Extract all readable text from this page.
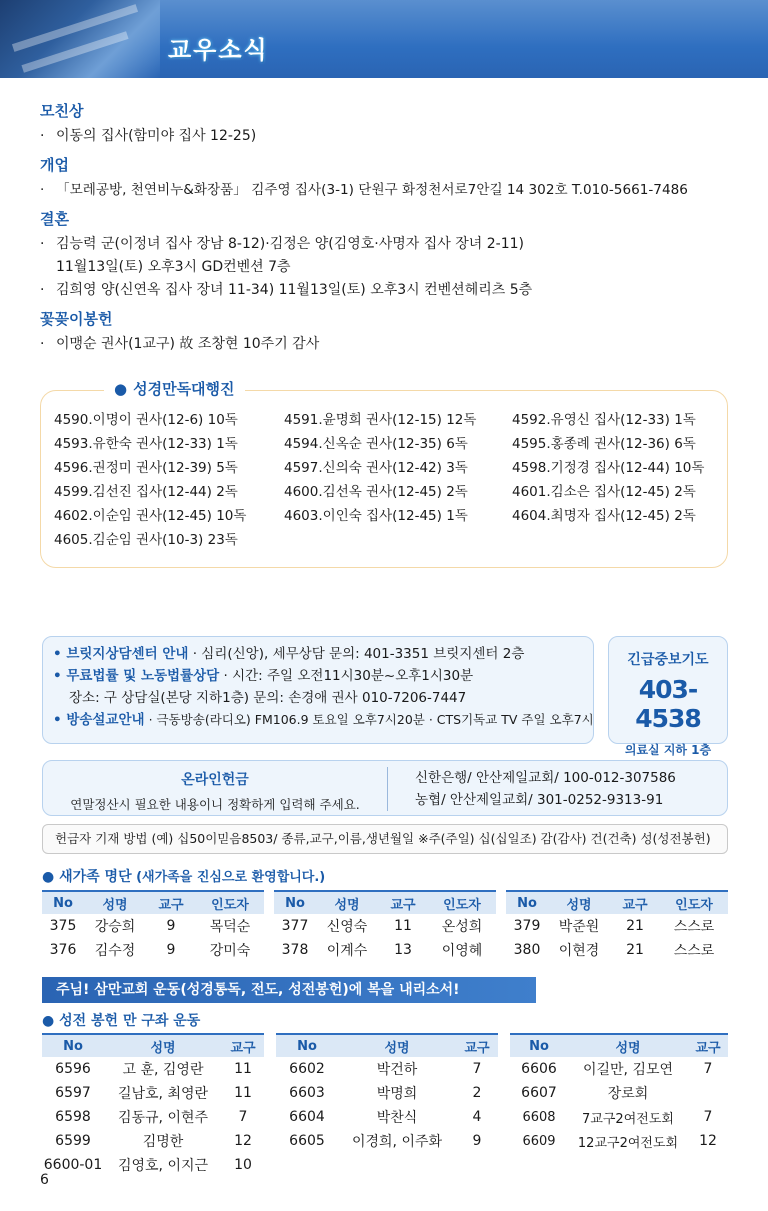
교우소식
모친상
· 이동의 집사(함미야 집사 12-25)
개업
· 「모레공방, 천연비누&화장품」 김주영 집사(3-1) 단원구 화정천서로7안길 14 302호 T.010-5661-7486
결혼
· 김능력 군(이정녀 집사 장남 8-12)·김정은 양(김영호·사명자 집사 장녀 2-11)
11월13일(토) 오후3시 GD컨벤션 7층
· 김희영 양(신연옥 집사 장녀 11-34) 11월13일(토) 오후3시 컨벤션헤리츠 5층
꽃꽂이봉헌
· 이맹순 권사(1교구) 故 조창현 10주기 감사
● 성경만독대행진
4590.이명이 권사(12-6) 10독	4591.윤명희 권사(12-15) 12독	4592.유영신 집사(12-33) 1독
4593.유한숙 권사(12-33) 1독	4594.신옥순 권사(12-35) 6독	4595.홍종례 권사(12-36) 6독
4596.권정미 권사(12-39) 5독	4597.신의숙 권사(12-42) 3독	4598.기정경 집사(12-44) 10독
4599.김선진 집사(12-44) 2독	4600.김선옥 권사(12-45) 2독	4601.김소은 집사(12-45) 2독
4602.이순임 권사(12-45) 10독	4603.이인숙 집사(12-45) 1독	4604.최명자 집사(12-45) 2독
4605.김순임 권사(10-3) 23독
• 브릿지상담센터 안내 · 심리(신앙), 세무상담 문의: 401-3351 브릿지센터 2층
• 무료법률 및 노동법률상담 · 시간: 주일 오전11시30분~오후1시30분
장소: 구 상담실(본당 지하1층) 문의: 손경애 권사 010-7206-7447
• 방송설교안내 · 극동방송(라디오) FM106.9 토요일 오후7시20분 · CTS기독교 TV 주일 오후7시
긴급중보기도
403-4538
의료실 지하 1층
온라인헌금
연말정산시 필요한 내용이니 정확하게 입력해 주세요.
신한은행/ 안산제일교회/ 100-012-307586
농협/ 안산제일교회/ 301-0252-9313-91
헌금자 기재 방법 (예) 십50이믿음8503/ 종류,교구,이름,생년월일 ※주(주일) 십(십일조) 감(감사) 건(건축) 성(성전봉헌)
● 새가족 명단 (새가족을 진심으로 환영합니다.)
No	성명	교구	인도자
375	강승희	9	목덕순
376	김수정	9	강미숙
No	성명	교구	인도자
377	신영숙	11	온성희
378	이계수	13	이영혜
No	성명	교구	인도자
379	박준원	21	스스로
380	이현경	21	스스로
주님! 삼만교회 운동(성경통독, 전도, 성전봉헌)에 복을 내리소서!
● 성전 봉헌 만 구좌 운동
No	성명	교구
6596	고 훈, 김영란	11
6597	길남호, 최영란	11
6598	김동규, 이현주	7
6599	김명한	12
6600-01	김영호, 이지근	10
No	성명	교구
6602	박건하	7
6603	박명희	2
6604	박찬식	4
6605	이경희, 이주화	9
No	성명	교구
6606	이길만, 김모연	7
6607	장로회	
6608	7교구2여전도회	7
6609	12교구2여전도회	12
6
